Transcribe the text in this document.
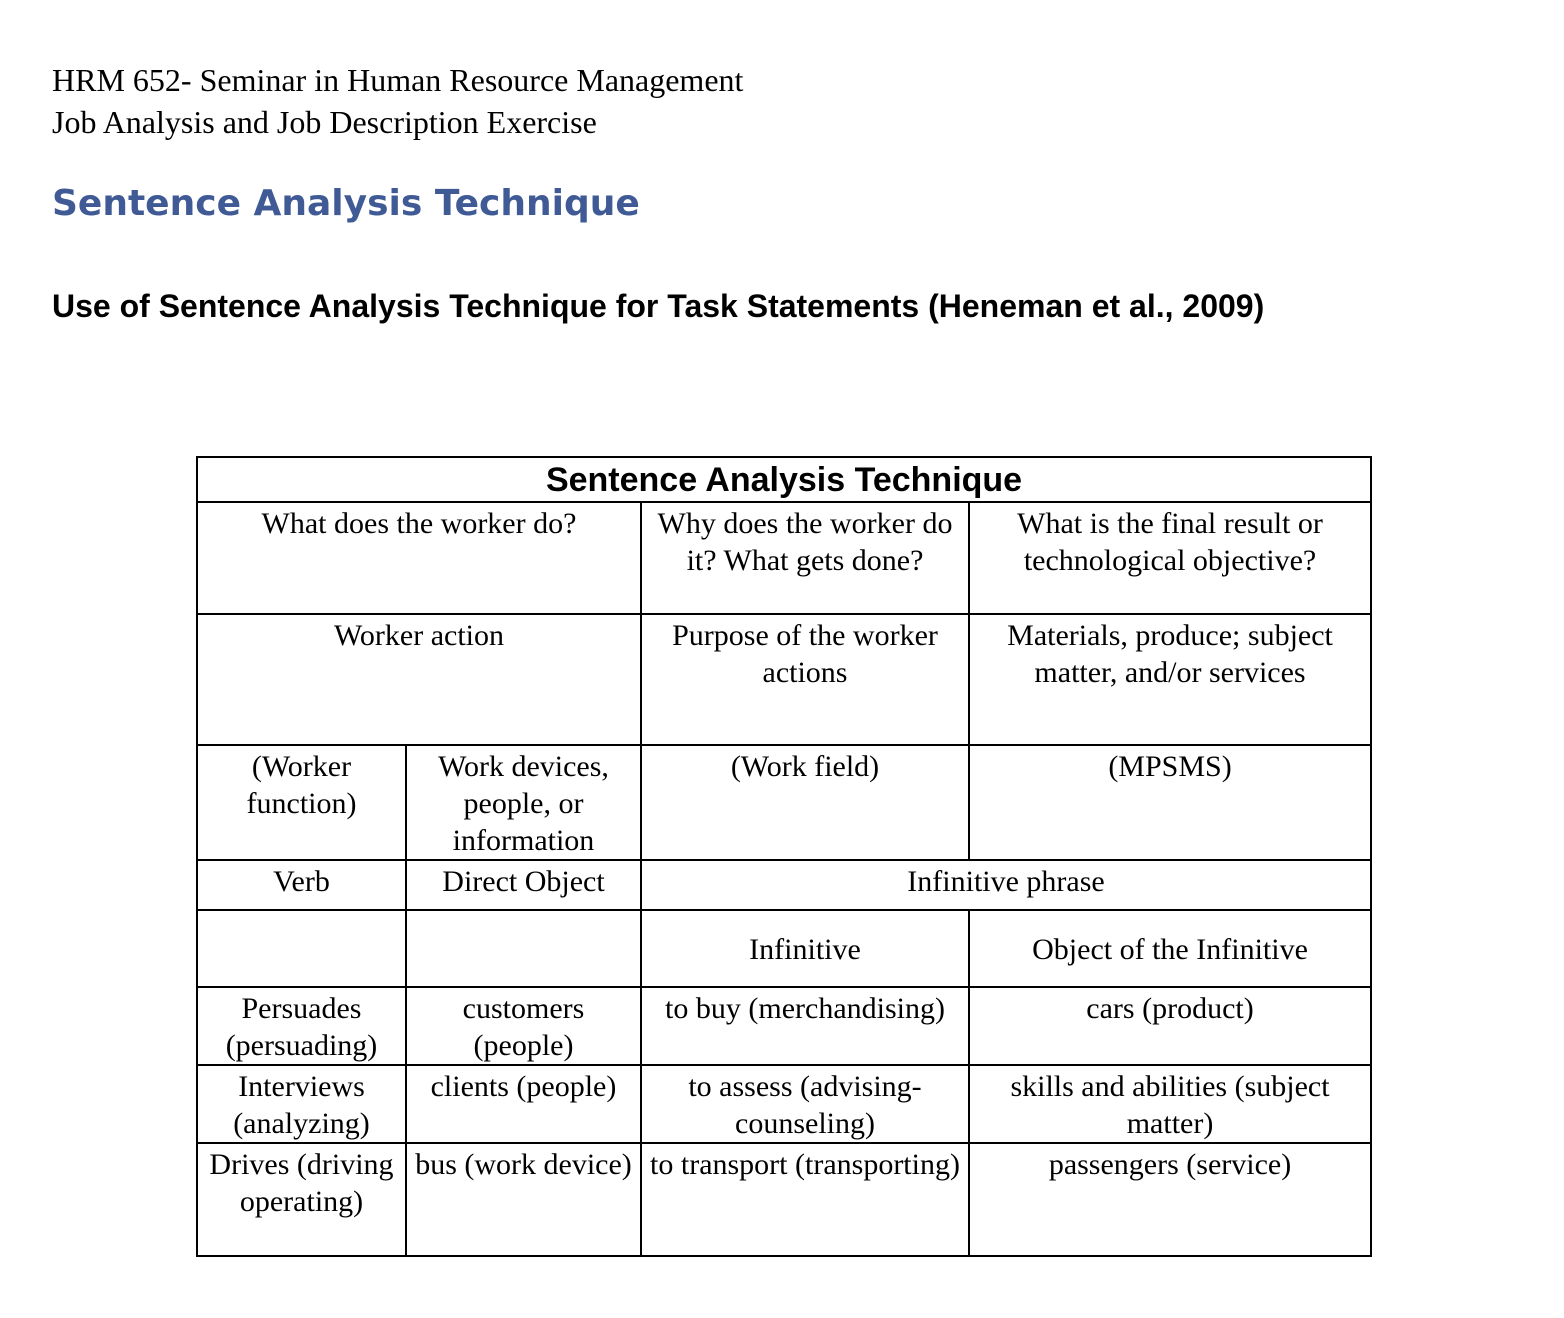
HRM 652- Seminar in Human Resource Management
Job Analysis and Job Description Exercise
Sentence Analysis Technique
Use of Sentence Analysis Technique for Task Statements (Heneman et al., 2009)
Sentence Analysis Technique			
What does the worker do?		Why does the worker do it? What gets done?	What is the final result or technological objective?
Worker action		Purpose of the worker actions	Materials, produce; subject matter, and/or services
(Worker function)	Work devices, people, or information	(Work field)	(MPSMS)
Verb	Direct Object	Infinitive phrase	
		Infinitive	Object of the Infinitive
Persuades (persuading)	customers (people)	to buy (merchandising)	cars (product)
Interviews (analyzing)	clients (people)	to assess (advising-counseling)	skills and abilities (subject matter)
Drives (driving operating)	bus (work device)	to transport (transporting)	passengers (service)
